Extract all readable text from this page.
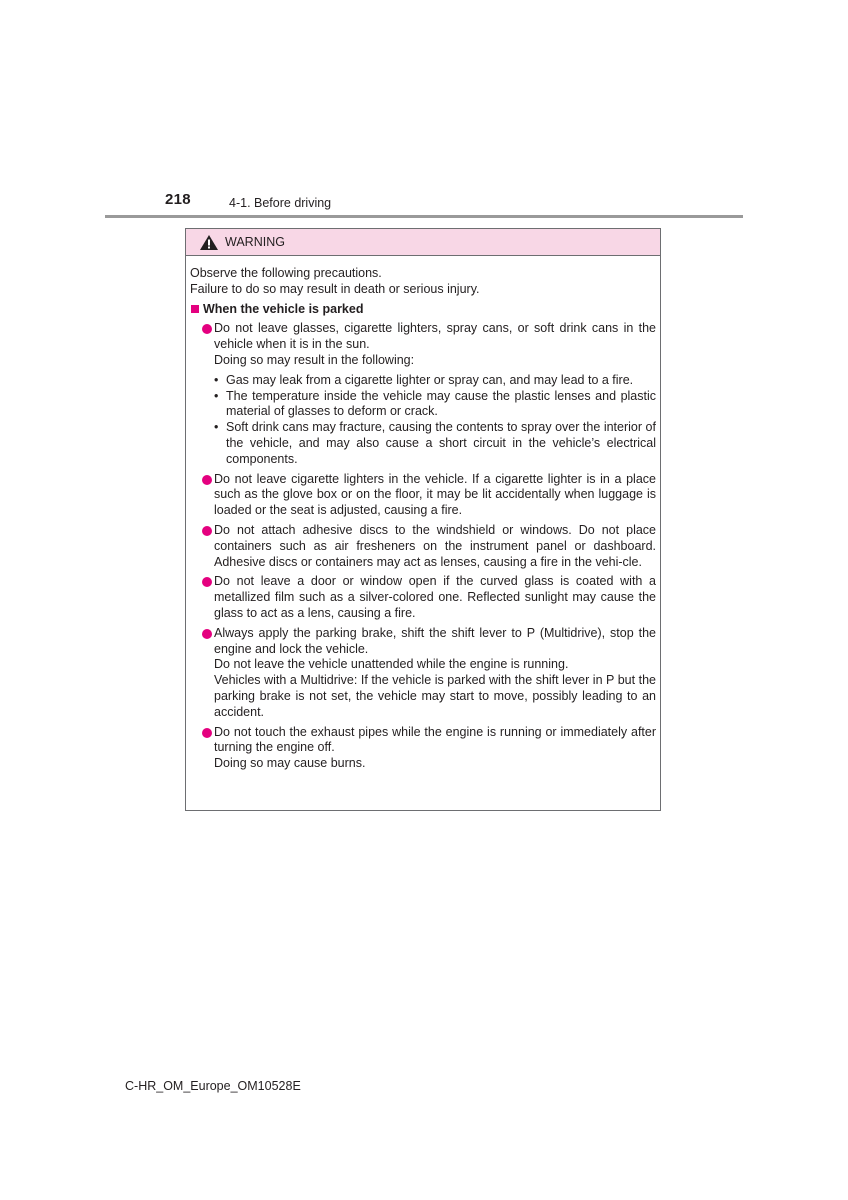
218	4-1. Before driving
WARNING

Observe the following precautions.

Failure to do so may result in death or serious injury.

When the vehicle is parked

Do not leave glasses, cigarette lighters, spray cans, or soft drink cans in the vehicle when it is in the sun.

Doing so may result in the following:

• Gas may leak from a cigarette lighter or spray can, and may lead to a fire.

• The temperature inside the vehicle may cause the plastic lenses and plastic material of glasses to deform or crack.

• Soft drink cans may fracture, causing the contents to spray over the interior of the vehicle, and may also cause a short circuit in the vehicle’s electrical components.

Do not leave cigarette lighters in the vehicle. If a cigarette lighter is in a place such as the glove box or on the floor, it may be lit accidentally when luggage is loaded or the seat is adjusted, causing a fire.

Do not attach adhesive discs to the windshield or windows. Do not place containers such as air fresheners on the instrument panel or dashboard. Adhesive discs or containers may act as lenses, causing a fire in the vehi-cle.

Do not leave a door or window open if the curved glass is coated with a metallized film such as a silver-colored one. Reflected sunlight may cause the glass to act as a lens, causing a fire.

Always apply the parking brake, shift the shift lever to P (Multidrive), stop the engine and lock the vehicle.

Do not leave the vehicle unattended while the engine is running.

Vehicles with a Multidrive: If the vehicle is parked with the shift lever in P but the parking brake is not set, the vehicle may start to move, possibly leading to an accident.

Do not touch the exhaust pipes while the engine is running or immediately after turning the engine off.

Doing so may cause burns.

C-HR_OM_Europe_OM10528E
